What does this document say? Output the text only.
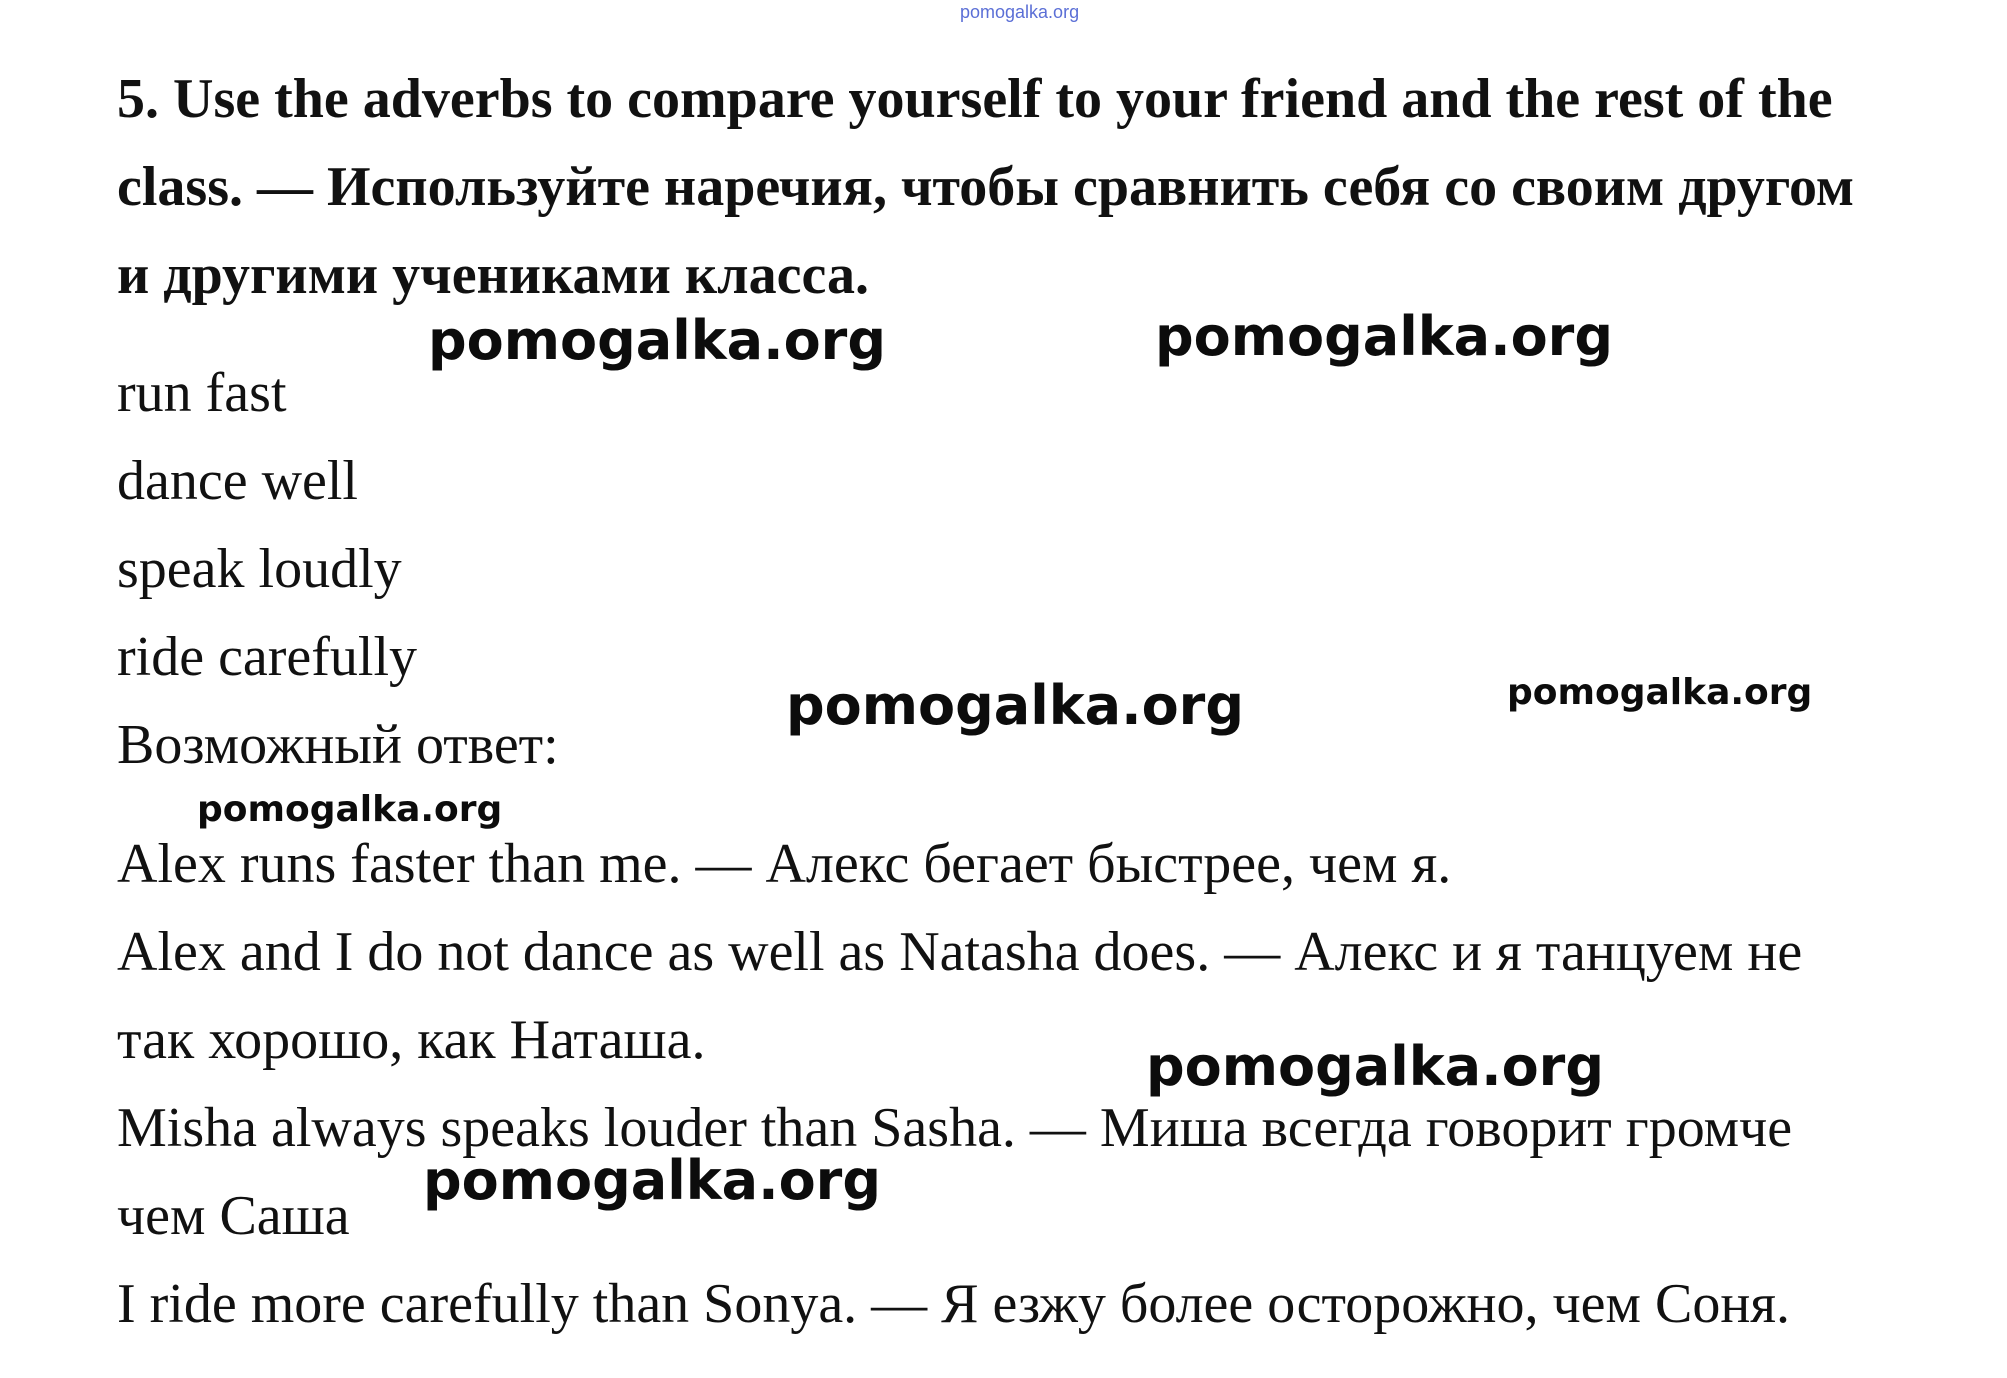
pomogalka.org

5. Use the adverbs to compare yourself to your friend and the rest of the class. — Используйте наречия, чтобы сравнить себя со своим другом и другими учениками класса.

run fast

dance well

speak loudly

ride carefully

Возможный ответ:

Alex runs faster than me. — Алекс бегает быстрее, чем я.

Alex and I do not dance as well as Natasha does. — Алекс и я танцуем не

так хорошо, как Наташа.

Misha always speaks louder than Sasha. — Миша всегда говорит громче

чем Саша

I ride more carefully than Sonya. — Я езжу более осторожно, чем Соня.

pomogalka.org	pomogalka.org
pomogalka.org	pomogalka.org
pomogalka.org
pomogalka.org
pomogalka.org
